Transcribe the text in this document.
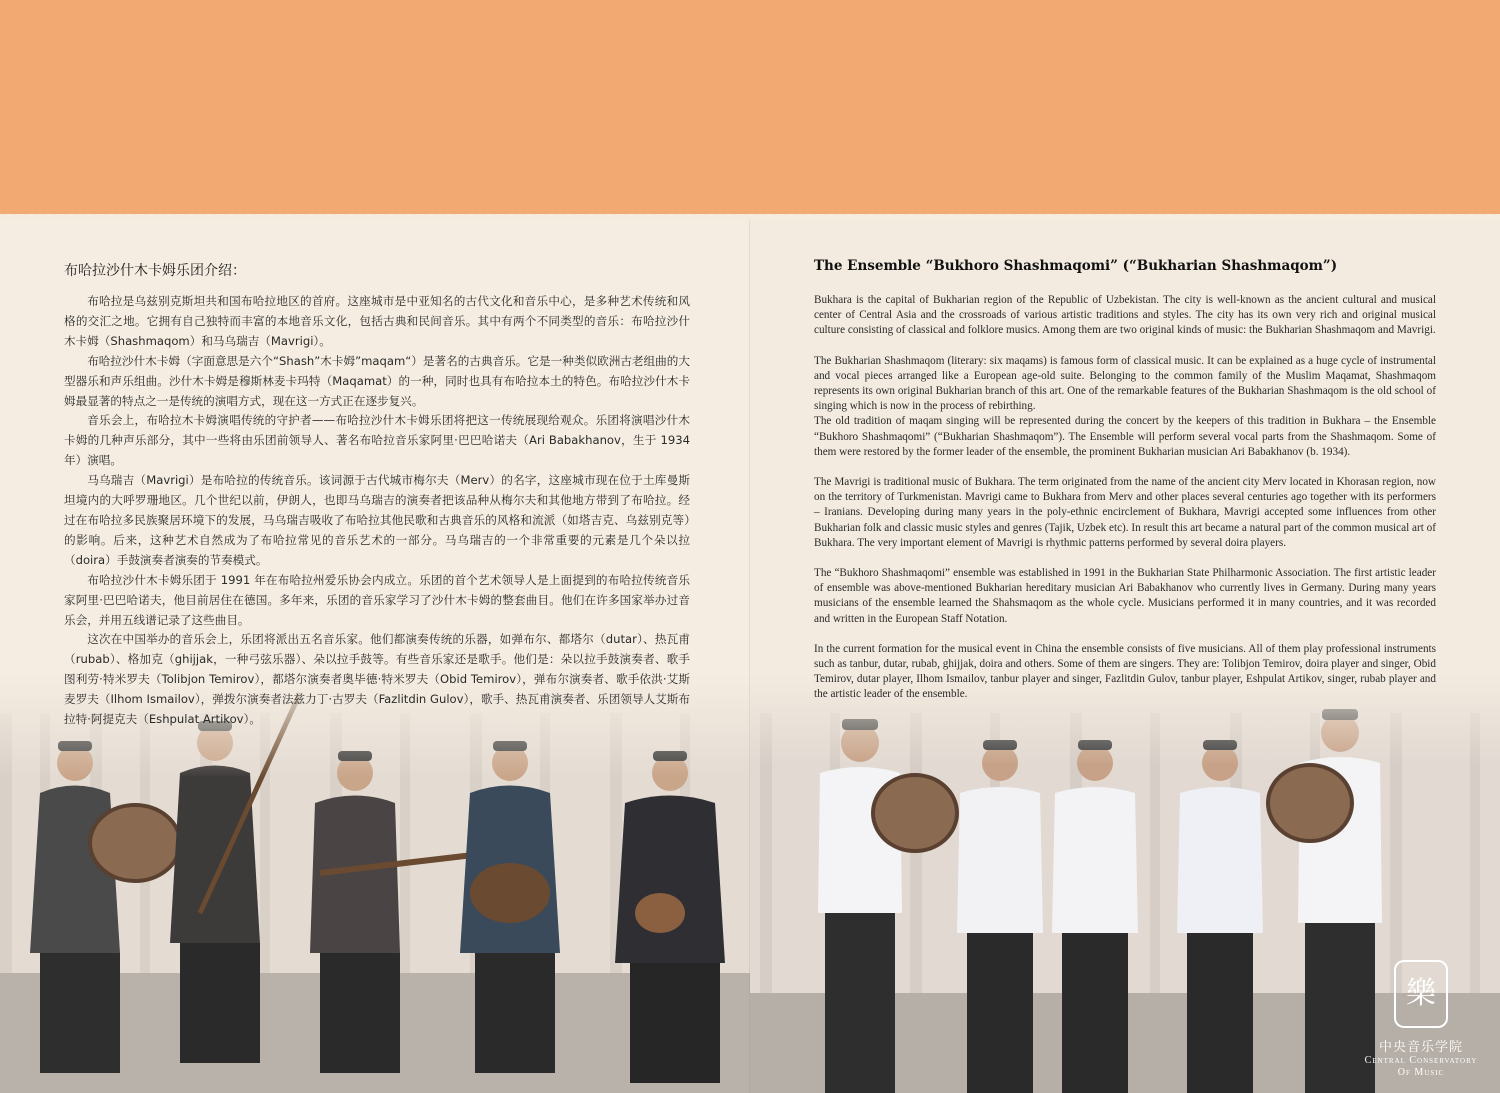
布哈拉沙什木卡姆乐团介绍：

布哈拉是乌兹别克斯坦共和国布哈拉地区的首府。这座城市是中亚知名的古代文化和音乐中心，是多种艺术传统和风格的交汇之地。它拥有自己独特而丰富的本地音乐文化，包括古典和民间音乐。其中有两个不同类型的音乐：布哈拉沙什木卡姆（Shashmaqom）和马乌瑞吉（Mavrigi）。

布哈拉沙什木卡姆（字面意思是六个“Shash”木卡姆”maqam“）是著名的古典音乐。它是一种类似欧洲古老组曲的大型器乐和声乐组曲。沙什木卡姆是穆斯林麦卡玛特（Maqamat）的一种，同时也具有布哈拉本土的特色。布哈拉沙什木卡姆最显著的特点之一是传统的演唱方式，现在这一方式正在逐步复兴。

音乐会上，布哈拉木卡姆演唱传统的守护者——布哈拉沙什木卡姆乐团将把这一传统展现给观众。乐团将演唱沙什木卡姆的几种声乐部分，其中一些将由乐团前领导人、著名布哈拉音乐家阿里·巴巴哈诺夫（Ari Babakhanov，生于 1934 年）演唱。

马乌瑞吉（Mavrigi）是布哈拉的传统音乐。该词源于古代城市梅尔夫（Merv）的名字，这座城市现在位于土库曼斯坦境内的大呼罗珊地区。几个世纪以前，伊朗人，也即马乌瑞吉的演奏者把该品种从梅尔夫和其他地方带到了布哈拉。经过在布哈拉多民族聚居环境下的发展，马乌瑞吉吸收了布哈拉其他民歌和古典音乐的风格和流派（如塔吉克、乌兹别克等）的影响。后来，这种艺术自然成为了布哈拉常见的音乐艺术的一部分。马乌瑞吉的一个非常重要的元素是几个朵以拉（doira）手鼓演奏者演奏的节奏模式。

布哈拉沙什木卡姆乐团于 1991 年在布哈拉州爱乐协会内成立。乐团的首个艺术领导人是上面提到的布哈拉传统音乐家阿里·巴巴哈诺夫，他目前居住在德国。多年来，乐团的音乐家学习了沙什木卡姆的整套曲目。他们在许多国家举办过音乐会，并用五线谱记录了这些曲目。

这次在中国举办的音乐会上，乐团将派出五名音乐家。他们都演奏传统的乐器，如弹布尔、都塔尔（dutar）、热瓦甫（rubab）、格加克（ghijjak，一种弓弦乐器）、朵以拉手鼓等。有些音乐家还是歌手。他们是：朵以拉手鼓演奏者、歌手图利劳·特米罗夫（Tolibjon Temirov），都塔尔演奏者奥毕德·特米罗夫（Obid Temirov），弹布尔演奏者、歌手依洪·艾斯麦罗夫（Ilhom Ismailov），弹拨尔演奏者法兹力丁·古罗夫（Fazlitdin Gulov），歌手、热瓦甫演奏者、乐团领导人艾斯布拉特·阿提克夫（Eshpulat Artikov）。

The Ensemble “Bukhoro Shashmaqomi” (“Bukharian Shashmaqom”)

Bukhara is the capital of Bukharian region of the Republic of Uzbekistan. The city is well-known as the ancient cultural and musical center of Central Asia and the crossroads of various artistic traditions and styles. The city has its own very rich and original musical culture consisting of classical and folklore musics. Among them are two original kinds of music: the Bukharian Shashmaqom and Mavrigi.

The Bukharian Shashmaqom (literary: six maqams) is famous form of classical music. It can be explained as a huge cycle of instrumental and vocal pieces arranged like a European age-old suite. Belonging to the common family of the Muslim Maqamat, Shashmaqom represents its own original Bukharian branch of this art. One of the remarkable features of the Bukharian Shashmaqom is the old school of singing which is now in the process of rebirthing.

The old tradition of maqam singing will be represented during the concert by the keepers of this tradition in Bukhara – the Ensemble “Bukhoro Shashmaqomi” (“Bukharian Shashmaqom”). The Ensemble will perform several vocal parts from the Shashmaqom. Some of them were restored by the former leader of the ensemble, the prominent Bukharian musician Ari Babakhanov (b. 1934).

The Mavrigi is traditional music of Bukhara. The term originated from the name of the ancient city Merv located in Khorasan region, now on the territory of Turkmenistan. Mavrigi came to Bukhara from Merv and other places several centuries ago together with its performers – Iranians. Developing during many years in the poly-ethnic encirclement of Bukhara, Mavrigi accepted some influences from other Bukharian folk and classic music styles and genres (Tajik, Uzbek etc). In result this art became a natural part of the common musical art of Bukhara. The very important element of Mavrigi is rhythmic patterns performed by several doira players.

The “Bukhoro Shashmaqomi” ensemble was established in 1991 in the Bukharian State Philharmonic Association. The first artistic leader of ensemble was above-mentioned Bukharian hereditary musician Ari Babakhanov who currently lives in Germany. During many years musicians of the ensemble learned the Shahsmaqom as the whole cycle. Musicians performed it in many countries, and it was recorded and written in the European Staff Notation.

In the current formation for the musical event in China the ensemble consists of five musicians. All of them play professional instruments such as tanbur, dutar, rubab, ghijjak, doira and others. Some of them are singers. They are: Tolibjon Temirov, doira player and singer, Obid Temirov, dutar player, Ilhom Ismailov, tanbur player and singer, Fazlitdin Gulov, tanbur player, Eshpulat Artikov, singer, rubab player and the artistic leader of the ensemble.

樂
中央音乐学院
Central Conservatory
Of Music
